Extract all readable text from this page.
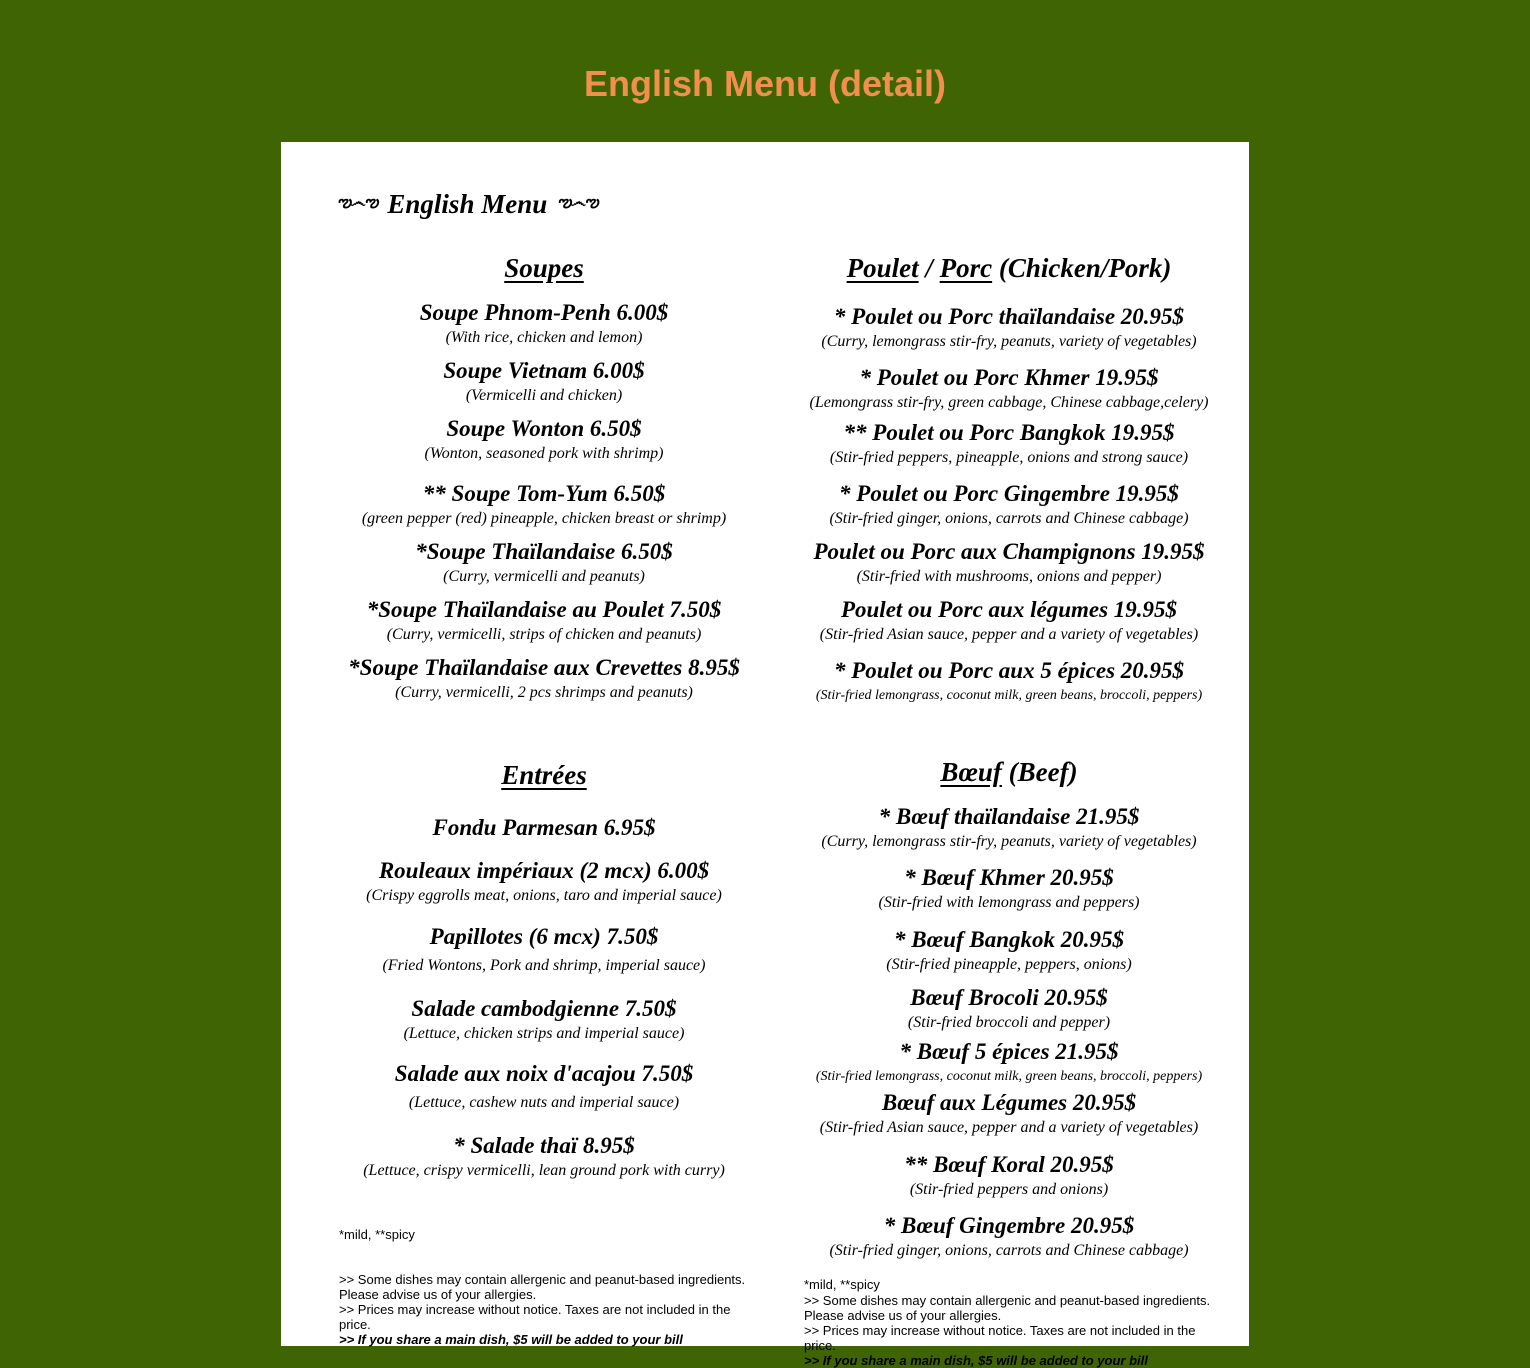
English Menu (detail)
ఌ෴ఌ English Menu ఌ෴ఌ
Soupes
Soupe Phnom-Penh 6.00$
(With rice, chicken and lemon)
Soupe Vietnam 6.00$
(Vermicelli and chicken)
Soupe Wonton 6.50$
(Wonton, seasoned pork with shrimp)
** Soupe Tom-Yum 6.50$
(green pepper (red) pineapple, chicken breast or shrimp)
*Soupe Thaïlandaise 6.50$
(Curry, vermicelli and peanuts)
*Soupe Thaïlandaise au Poulet 7.50$
(Curry, vermicelli, strips of chicken and peanuts)
*Soupe Thaïlandaise aux Crevettes 8.95$
(Curry, vermicelli, 2 pcs shrimps and peanuts)
Entrées
Fondu Parmesan 6.95$
Rouleaux impériaux (2 mcx) 6.00$
(Crispy eggrolls meat, onions, taro and imperial sauce)
Papillotes (6 mcx) 7.50$
(Fried Wontons, Pork and shrimp, imperial sauce)
Salade cambodgienne 7.50$
(Lettuce, chicken strips and imperial sauce)
Salade aux noix d'acajou 7.50$
(Lettuce, cashew nuts and imperial sauce)
* Salade thaï 8.95$
(Lettuce, crispy vermicelli, lean ground pork with curry)
*mild, **spicy
>> Some dishes may contain allergenic and peanut-based ingredients. Please advise us of your allergies.
>> Prices may increase without notice. Taxes are not included in the price.
>> If you share a main dish, $5 will be added to your bill
Poulet / Porc (Chicken/Pork)
* Poulet ou Porc thaïlandaise 20.95$
(Curry, lemongrass stir-fry, peanuts, variety of vegetables)
* Poulet ou Porc Khmer 19.95$
(Lemongrass stir-fry, green cabbage, Chinese cabbage,celery)
** Poulet ou Porc Bangkok 19.95$
(Stir-fried peppers, pineapple, onions and strong sauce)
* Poulet ou Porc Gingembre 19.95$
(Stir-fried ginger, onions, carrots and Chinese cabbage)
Poulet ou Porc aux Champignons 19.95$
(Stir-fried with mushrooms, onions and pepper)
Poulet ou Porc aux légumes 19.95$
(Stir-fried Asian sauce, pepper and a variety of vegetables)
* Poulet ou Porc aux 5 épices 20.95$
(Stir-fried lemongrass, coconut milk, green beans, broccoli, peppers)
Bœuf (Beef)
* Bœuf thaïlandaise 21.95$
(Curry, lemongrass stir-fry, peanuts, variety of vegetables)
* Bœuf Khmer 20.95$
(Stir-fried with lemongrass and peppers)
* Bœuf Bangkok 20.95$
(Stir-fried pineapple, peppers, onions)
Bœuf Brocoli 20.95$
(Stir-fried broccoli and pepper)
* Bœuf 5 épices 21.95$
(Stir-fried lemongrass, coconut milk, green beans, broccoli, peppers)
Bœuf aux Légumes 20.95$
(Stir-fried Asian sauce, pepper and a variety of vegetables)
** Bœuf Koral 20.95$
(Stir-fried peppers and onions)
* Bœuf Gingembre 20.95$
(Stir-fried ginger, onions, carrots and Chinese cabbage)
*mild, **spicy
>> Some dishes may contain allergenic and peanut-based ingredients. Please advise us of your allergies.
>> Prices may increase without notice. Taxes are not included in the price.
>> If you share a main dish, $5 will be added to your bill
